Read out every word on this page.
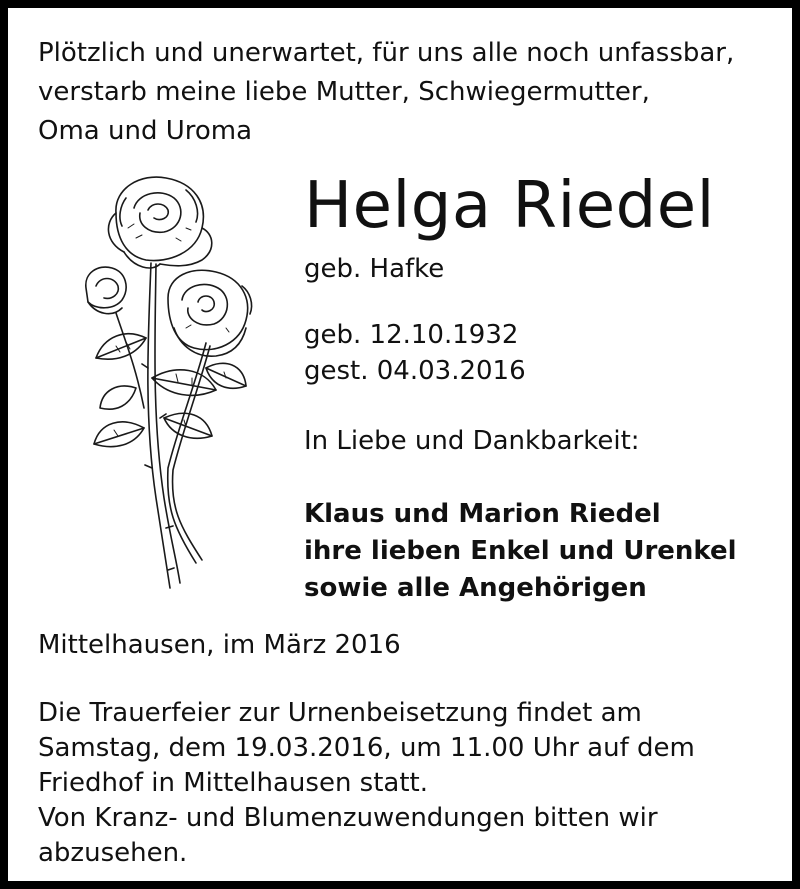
Plötzlich und unerwartet, für uns alle noch unfassbar,
verstarb meine liebe Mutter, Schwiegermutter,
Oma und Uroma

Helga Riedel

geb. Hafke

geb. 12.10.1932

gest. 04.03.2016

In Liebe und Dankbarkeit:

Klaus und Marion Riedel
ihre lieben Enkel und Urenkel
sowie alle Angehörigen

Mittelhausen, im März 2016

Die Trauerfeier zur Urnenbeisetzung findet am
Samstag, dem 19.03.2016, um 11.00 Uhr auf dem
Friedhof in Mittelhausen statt.
Von Kranz- und Blumenzuwendungen bitten wir
abzusehen.
